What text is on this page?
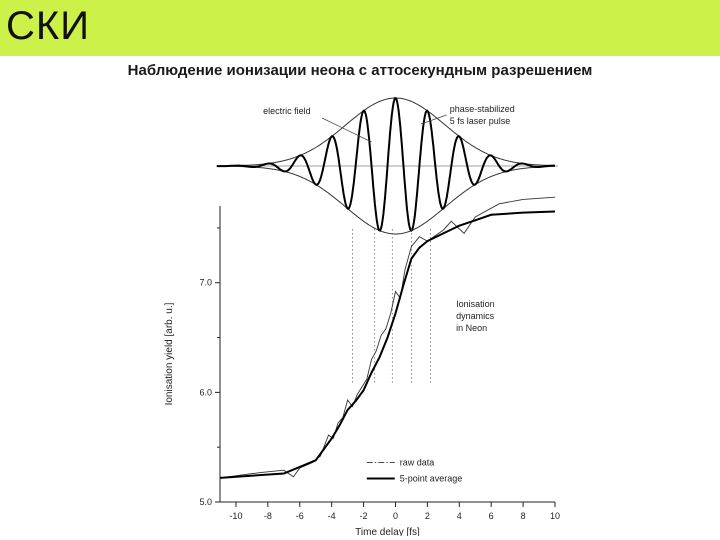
СКИ
Наблюдение ионизации неона с аттосекундным разрешением
electric field	phase-stabilized
5 fs laser pulse
-10 -8	-6	-4	-2	0	2	4	6	8	10
5.0
6.0
7.0
Time delay [fs]
Ionisation yield [arb. u.]	Ionisation
dynamics
in Neon
raw data
5-point average
